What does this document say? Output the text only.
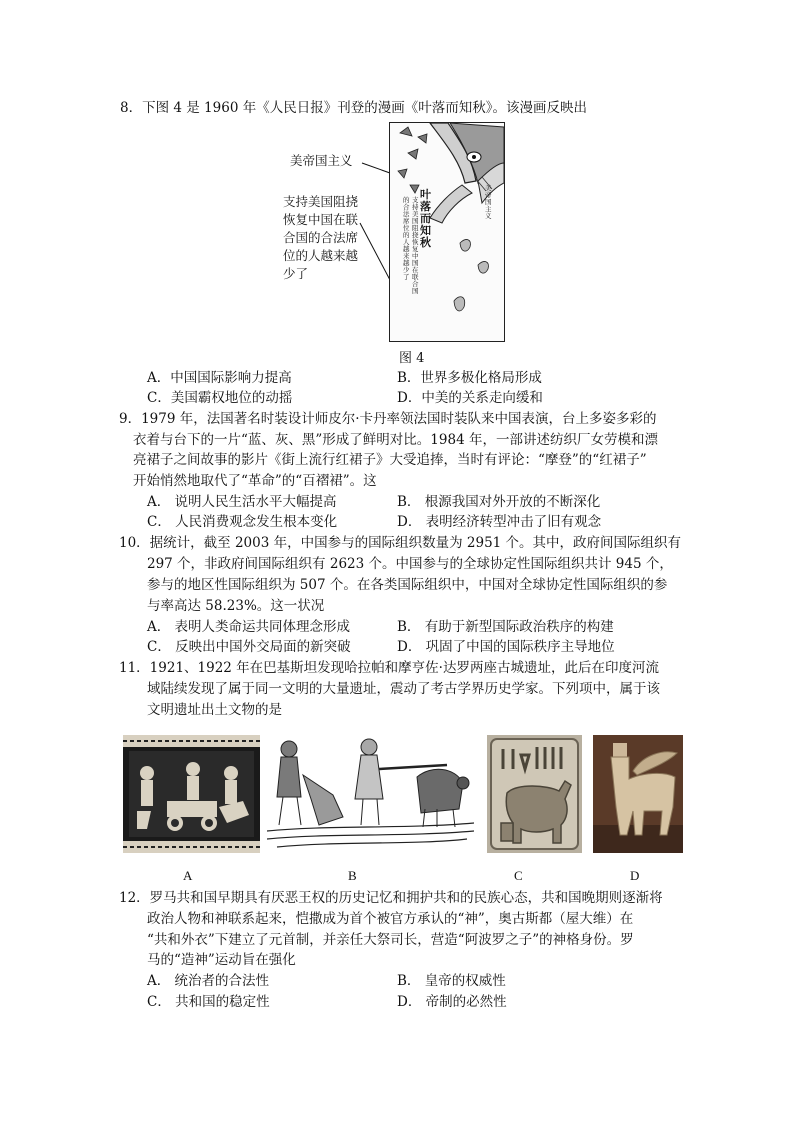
8．下图 4 是 1960 年《人民日报》刊登的漫画《叶落而知秋》。该漫画反映出
美帝国主义
支持美国阻挠
恢复中国在联
合国的合法席
位的人越来越
少了
叶落而知秋
支持美国阻挠恢复中国在联合国
的合法席位的人越来越少了
美帝国主义
图 4
A．中国国际影响力提高	B．世界多极化格局形成
C．美国霸权地位的动摇	D．中美的关系走向缓和
9．1979 年，法国著名时装设计师皮尔·卡丹率领法国时装队来中国表演，台上多姿多彩的
衣着与台下的一片“蓝、灰、黑”形成了鲜明对比。1984 年，一部讲述纺织厂女劳模和漂
亮裙子之间故事的影片《街上流行红裙子》大受追捧，当时有评论：“摩登”的“红裙子”
开始悄然地取代了“革命”的“百褶裙”。这
A． 说明人民生活水平大幅提高	B． 根源我国对外开放的不断深化
C． 人民消费观念发生根本变化	D． 表明经济转型冲击了旧有观念
10．据统计，截至 2003 年，中国参与的国际组织数量为 2951 个。其中，政府间国际组织有
297 个，非政府间国际组织有 2623 个。中国参与的全球协定性国际组织共计 945 个，
参与的地区性国际组织为 507 个。在各类国际组织中，中国对全球协定性国际组织的参
与率高达 58.23%。这一状况
A． 表明人类命运共同体理念形成	B． 有助于新型国际政治秩序的构建
C． 反映出中国外交局面的新突破	D． 巩固了中国的国际秩序主导地位
11．1921、1922 年在巴基斯坦发现哈拉帕和摩亨佐·达罗两座古城遗址，此后在印度河流
域陆续发现了属于同一文明的大量遗址，震动了考古学界历史学家。下列项中，属于该
文明遗址出土文物的是
A	B	C	D
12．罗马共和国早期具有厌恶王权的历史记忆和拥护共和的民族心态，共和国晚期则逐渐将
政治人物和神联系起来，恺撒成为首个被官方承认的“神”，奥古斯都（屋大维）在
“共和外衣”下建立了元首制，并亲任大祭司长，营造“阿波罗之子”的神格身份。罗
马的“造神”运动旨在强化
A． 统治者的合法性	B． 皇帝的权威性
C． 共和国的稳定性	D． 帝制的必然性
